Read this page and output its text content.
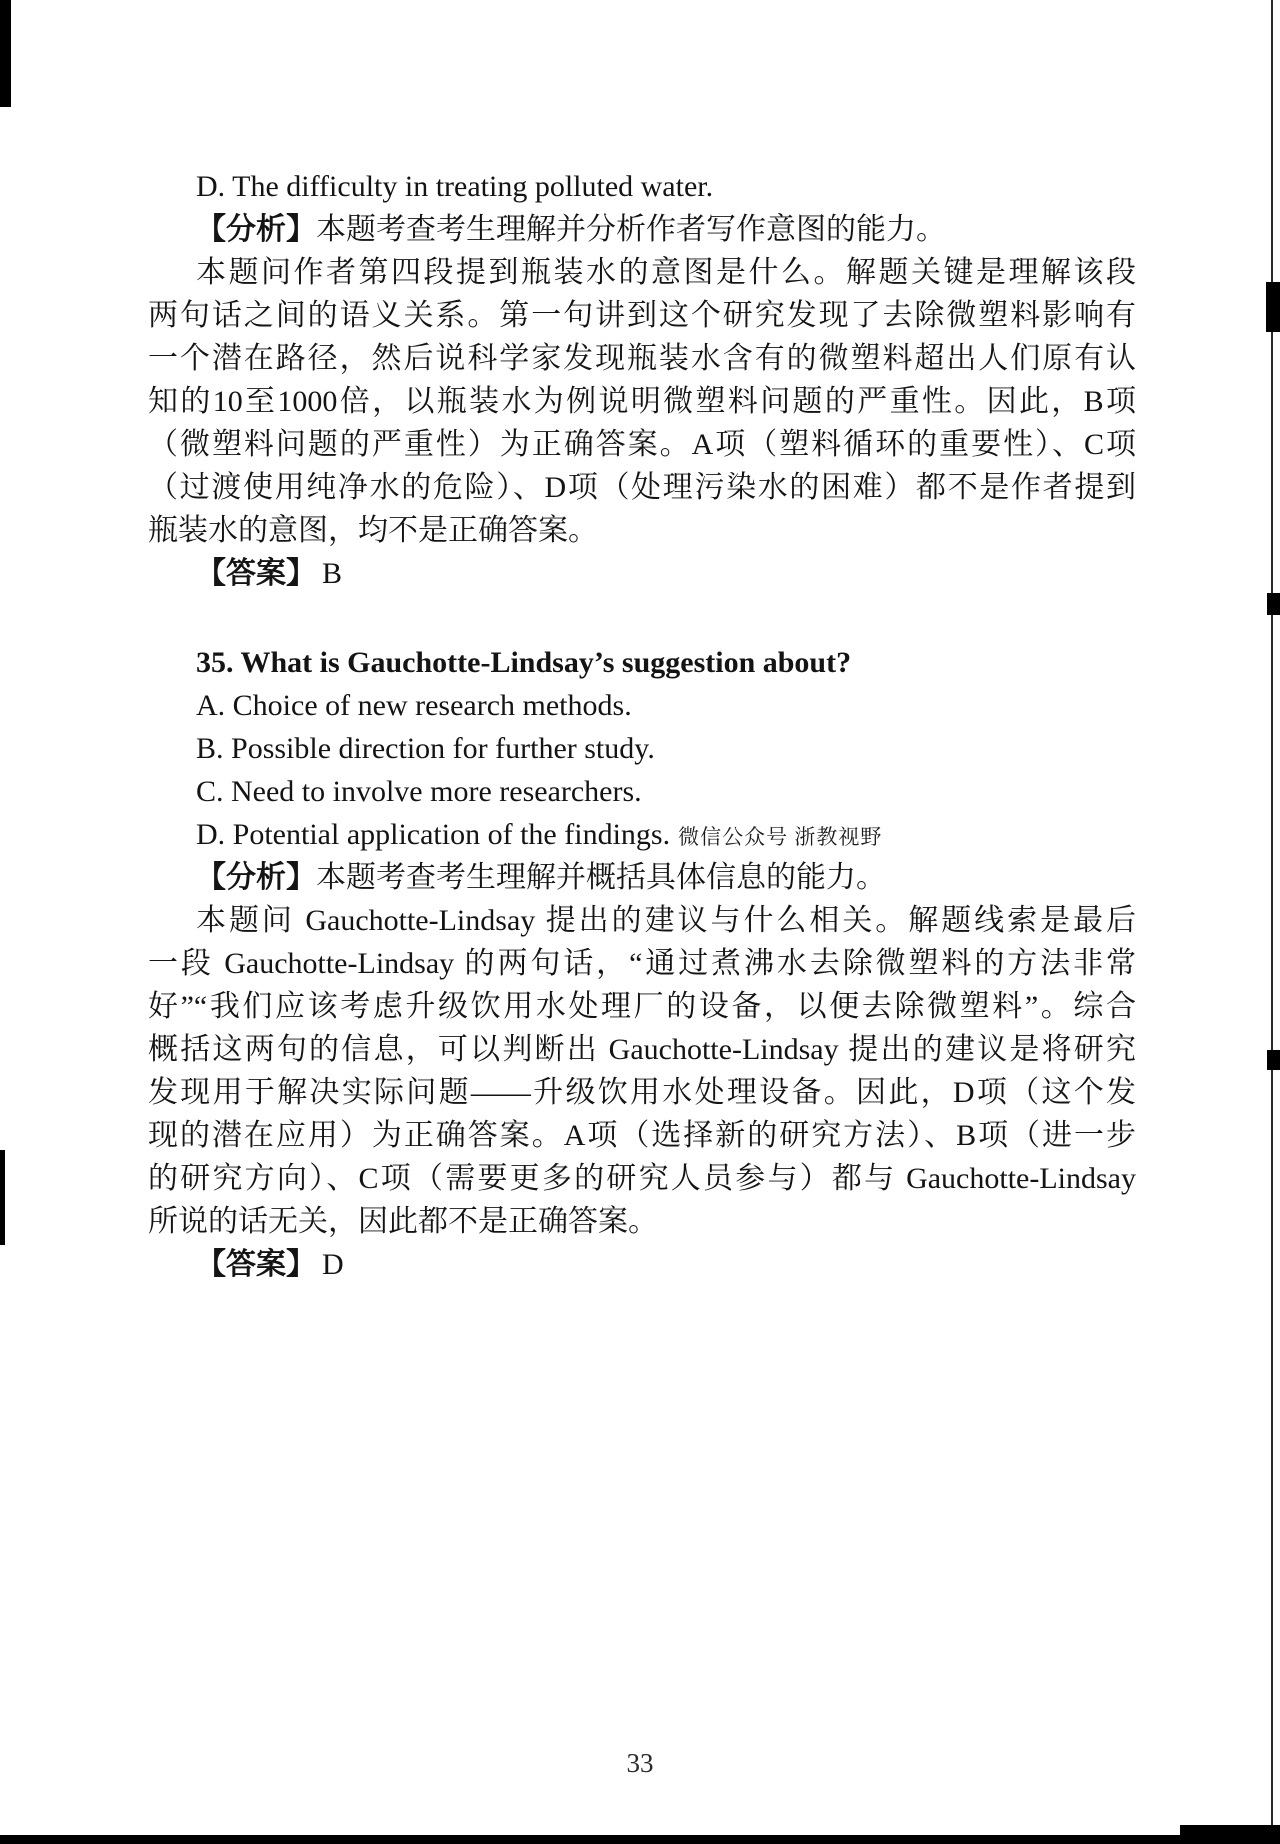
D. The difficulty in treating polluted water.
【分析】本题考查考生理解并分析作者写作意图的能力。
本题问作者第四段提到瓶装水的意图是什么。解题关键是理解该段
两句话之间的语义关系。第一句讲到这个研究发现了去除微塑料影响有
一个潜在路径，然后说科学家发现瓶装水含有的微塑料超出人们原有认
知的10至1000倍，以瓶装水为例说明微塑料问题的严重性。因此，B项
（微塑料问题的严重性）为正确答案。A项（塑料循环的重要性）、C项
（过渡使用纯净水的危险）、D项（处理污染水的困难）都不是作者提到
瓶装水的意图，均不是正确答案。
【答案】 B
35. What is Gauchotte-Lindsay’s suggestion about?
A. Choice of new research methods.
B. Possible direction for further study.
C. Need to involve more researchers.
D. Potential application of the findings. 微信公众号 浙教视野
【分析】本题考查考生理解并概括具体信息的能力。
本题问 Gauchotte-Lindsay 提出的建议与什么相关。解题线索是最后
一段 Gauchotte-Lindsay 的两句话，“通过煮沸水去除微塑料的方法非常
好”“我们应该考虑升级饮用水处理厂的设备，以便去除微塑料”。综合
概括这两句的信息，可以判断出 Gauchotte-Lindsay 提出的建议是将研究
发现用于解决实际问题——升级饮用水处理设备。因此，D项（这个发
现的潜在应用）为正确答案。A项（选择新的研究方法）、B项（进一步
的研究方向）、C项（需要更多的研究人员参与）都与 Gauchotte-Lindsay
所说的话无关，因此都不是正确答案。
【答案】 D
33
